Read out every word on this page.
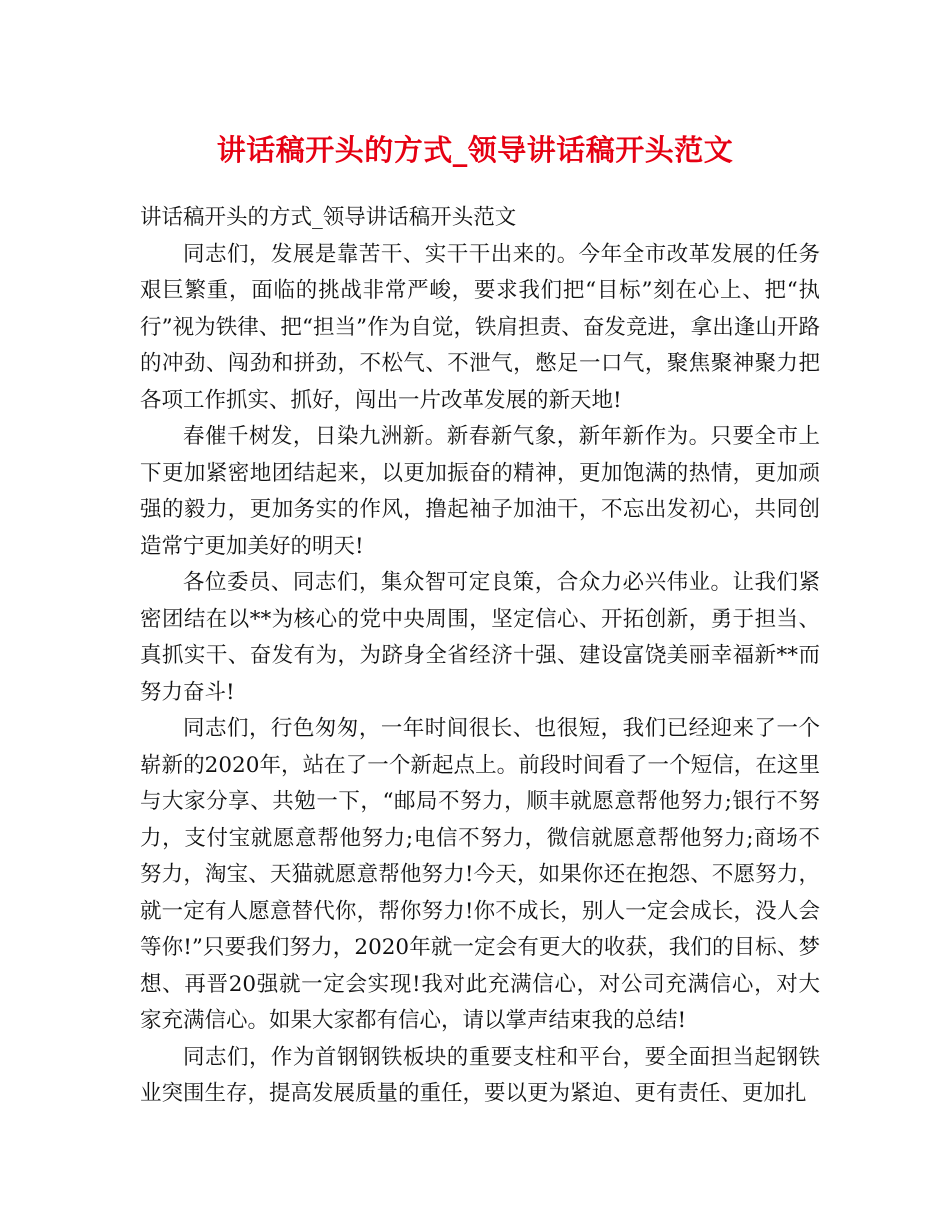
讲话稿开头的方式_领导讲话稿开头范文

讲话稿开头的方式_领导讲话稿开头范文

同志们，发展是靠苦干、实干干出来的。今年全市改革发展的任务艰巨繁重，面临的挑战非常严峻，要求我们把“目标”刻在心上、把“执行”视为铁律、把“担当”作为自觉，铁肩担责、奋发竞进，拿出逢山开路的冲劲、闯劲和拼劲，不松气、不泄气，憋足一口气，聚焦聚神聚力把各项工作抓实、抓好，闯出一片改革发展的新天地!

春催千树发，日染九洲新。新春新气象，新年新作为。只要全市上下更加紧密地团结起来，以更加振奋的精神，更加饱满的热情，更加顽强的毅力，更加务实的作风，撸起袖子加油干，不忘出发初心，共同创造常宁更加美好的明天!

各位委员、同志们，集众智可定良策，合众力必兴伟业。让我们紧密团结在以**为核心的党中央周围，坚定信心、开拓创新，勇于担当、真抓实干、奋发有为，为跻身全省经济十强、建设富饶美丽幸福新**而努力奋斗!

同志们，行色匆匆，一年时间很长、也很短，我们已经迎来了一个崭新的2020年，站在了一个新起点上。前段时间看了一个短信，在这里与大家分享、共勉一下，“邮局不努力，顺丰就愿意帮他努力;银行不努力，支付宝就愿意帮他努力;电信不努力，微信就愿意帮他努力;商场不努力，淘宝、天猫就愿意帮他努力!今天，如果你还在抱怨、不愿努力，就一定有人愿意替代你，帮你努力!你不成长，别人一定会成长，没人会等你!”只要我们努力，2020年就一定会有更大的收获，我们的目标、梦想、再晋20强就一定会实现!我对此充满信心，对公司充满信心，对大家充满信心。如果大家都有信心，请以掌声结束我的总结!

同志们，作为首钢钢铁板块的重要支柱和平台，要全面担当起钢铁业突围生存，提高发展质量的重任，要以更为紧迫、更有责任、更加扎
